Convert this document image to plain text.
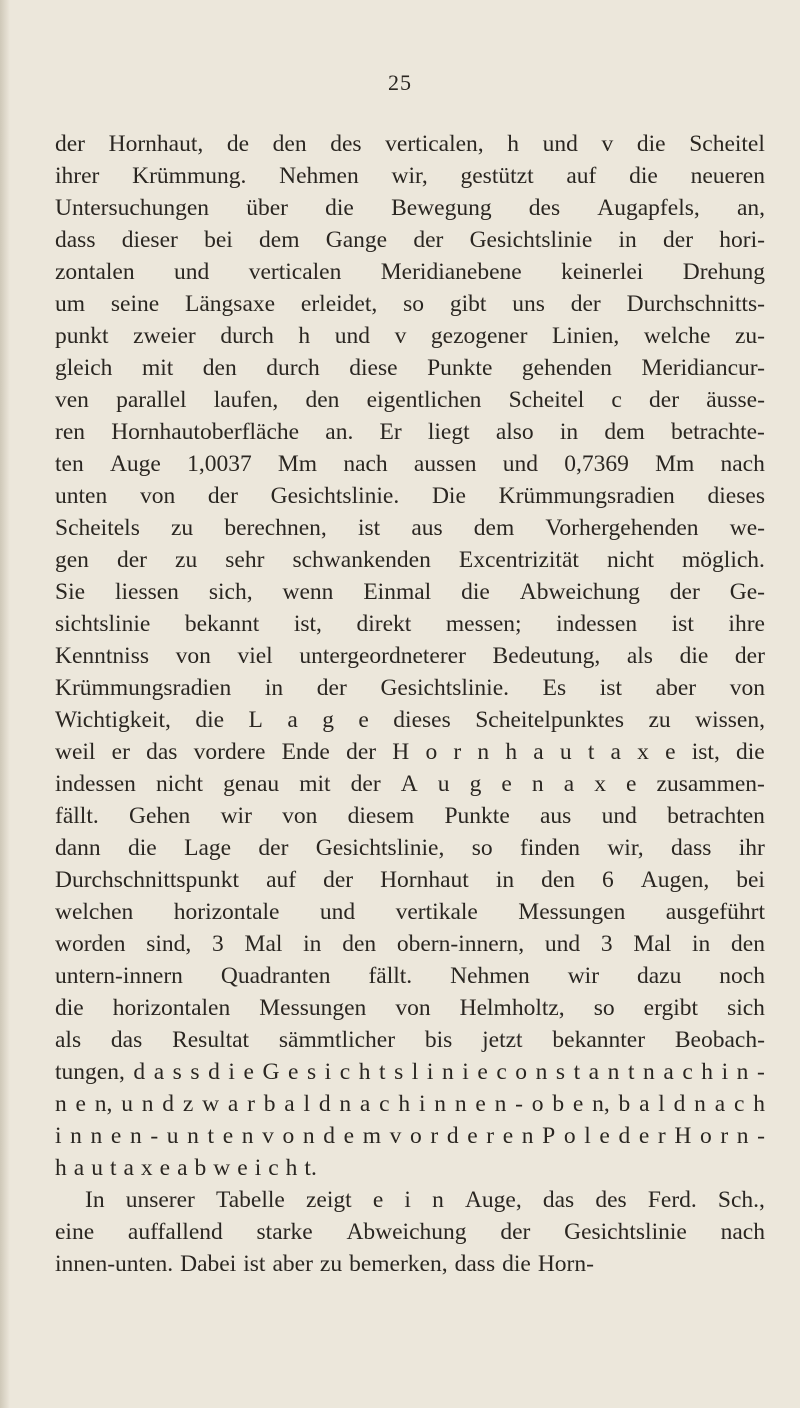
25
der Hornhaut, de den des verticalen, h und v die Scheitel
ihrer Krümmung. Nehmen wir, gestützt auf die neueren
Untersuchungen über die Bewegung des Augapfels, an,
dass dieser bei dem Gange der Gesichtslinie in der hori-
zontalen und verticalen Meridianebene keinerlei Drehung
um seine Längsaxe erleidet, so gibt uns der Durchschnitts-
punkt zweier durch h und v gezogener Linien, welche zu-
gleich mit den durch diese Punkte gehenden Meridiancur-
ven parallel laufen, den eigentlichen Scheitel c der äusse-
ren Hornhautoberfläche an. Er liegt also in dem betrachte-
ten Auge 1,0037 Mm nach aussen und 0,7369 Mm nach
unten von der Gesichtslinie. Die Krümmungsradien dieses
Scheitels zu berechnen, ist aus dem Vorhergehenden we-
gen der zu sehr schwankenden Excentrizität nicht möglich.
Sie liessen sich, wenn Einmal die Abweichung der Ge-
sichtslinie bekannt ist, direkt messen; indessen ist ihre
Kenntniss von viel untergeordneterer Bedeutung, als die der
Krümmungsradien in der Gesichtslinie. Es ist aber von
Wichtigkeit, die L a g e dieses Scheitelpunktes zu wissen,
weil er das vordere Ende der H o r n h a u t a x e ist, die
indessen nicht genau mit der A u g e n a x e zusammen-
fällt. Gehen wir von diesem Punkte aus und betrachten
dann die Lage der Gesichtslinie, so finden wir, dass ihr
Durchschnittspunkt auf der Hornhaut in den 6 Augen, bei
welchen horizontale und vertikale Messungen ausgeführt
worden sind, 3 Mal in den obern-innern, und 3 Mal in den
untern-innern Quadranten fällt. Nehmen wir dazu noch
die horizontalen Messungen von Helmholtz, so ergibt sich
als das Resultat sämmtlicher bis jetzt bekannter Beobach-
tungen, d a s s d i e G e s i c h t s l i n i e c o n s t a n t n a c h i n -
n e n, u n d z w a r b a l d n a c h i n n e n - o b e n, b a l d n a c h
i n n e n - u n t e n v o n d e m v o r d e r e n P o l e d e r H o r n -
h a u t a x e a b w e i c h t.
In unserer Tabelle zeigt e i n Auge, das des Ferd. Sch.,
eine auffallend starke Abweichung der Gesichtslinie nach
innen-unten. Dabei ist aber zu bemerken, dass die Horn-
